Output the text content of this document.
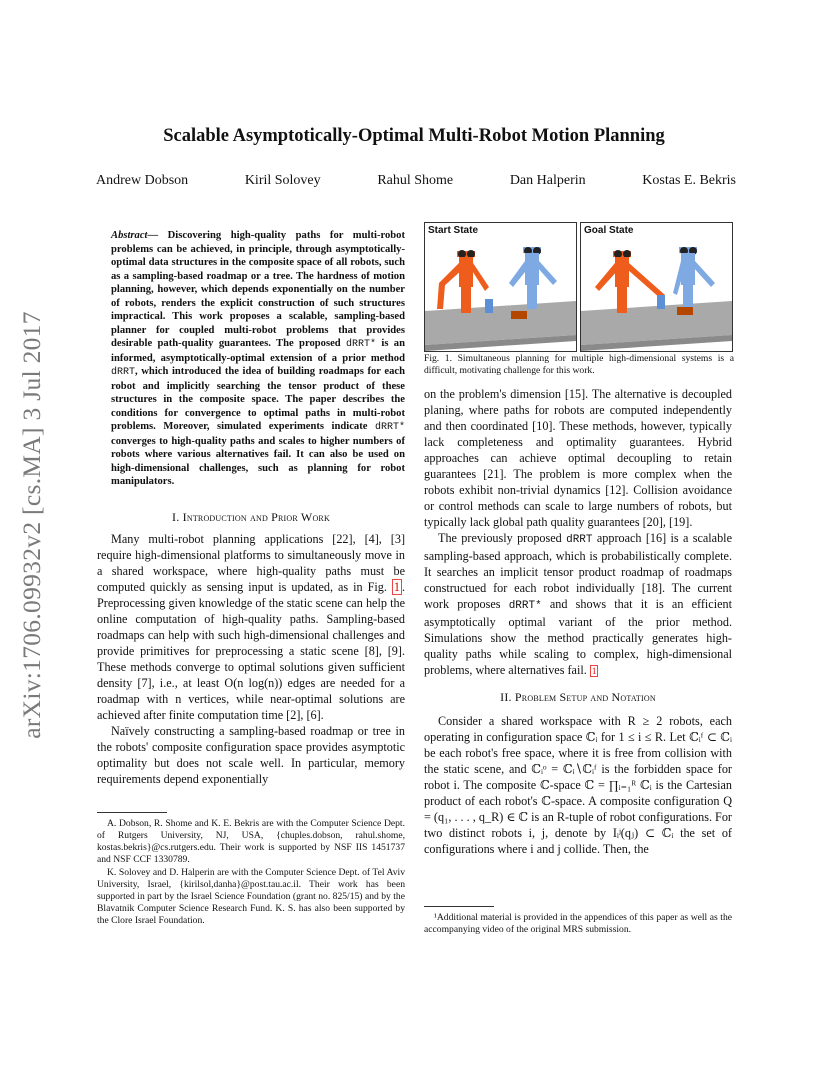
arXiv:1706.09932v2 [cs.MA] 3 Jul 2017
Scalable Asymptotically-Optimal Multi-Robot Motion Planning
Andrew Dobson	Kiril Solovey	Rahul Shome	Dan Halperin	Kostas E. Bekris
Abstract— Discovering high-quality paths for multi-robot problems can be achieved, in principle, through asymptotically-optimal data structures in the composite space of all robots, such as a sampling-based roadmap or a tree. The hardness of motion planning, however, which depends exponentially on the number of robots, renders the explicit construction of such structures impractical. This work proposes a scalable, sampling-based planner for coupled multi-robot problems that provides desirable path-quality guarantees. The proposed dRRT* is an informed, asymptotically-optimal extension of a prior method dRRT, which introduced the idea of building roadmaps for each robot and implicitly searching the tensor product of these structures in the composite space. The paper describes the conditions for convergence to optimal paths in multi-robot problems. Moreover, simulated experiments indicate dRRT* converges to high-quality paths and scales to higher numbers of robots where various alternatives fail. It can also be used on high-dimensional challenges, such as planning for robot manipulators.

I. Introduction and Prior Work

Many multi-robot planning applications [22], [4], [3] require high-dimensional platforms to simultaneously move in a shared workspace, where high-quality paths must be computed quickly as sensing input is updated, as in Fig. 1 . Preprocessing given knowledge of the static scene can help the online computation of high-quality paths. Sampling-based roadmaps can help with such high-dimensional challenges and provide primitives for preprocessing a static scene [8], [9]. These methods converge to optimal solutions given sufficient density [7], i.e., at least O(n log(n)) edges are needed for a roadmap with n vertices, while near-optimal solutions are achieved after finite computation time [2], [6].

Naïvely constructing a sampling-based roadmap or tree in the robots' composite configuration space provides asymptotic optimality but does not scale well. In particular, memory requirements depend exponentially

A. Dobson, R. Shome and K. E. Bekris are with the Computer Science Dept. of Rutgers University, NJ, USA, {chuples.dobson, rahul.shome, kostas.bekris}@cs.rutgers.edu. Their work is supported by NSF IIS 1451737 and NSF CCF 1330789.

K. Solovey and D. Halperin are with the Computer Science Dept. of Tel Aviv University, Israel, {kirilsol,danha}@post.tau.ac.il. Their work has been supported in part by the Israel Science Foundation (grant no. 825/15) and by the Blavatnik Computer Science Research Fund. K. S. has also been supported by the Clore Israel Foundation.

Start State	Goal State
Fig. 1. Simultaneous planning for multiple high-dimensional systems is a difficult, motivating challenge for this work.

on the problem's dimension [15]. The alternative is decoupled planing, where paths for robots are computed independently and then coordinated [10]. These methods, however, typically lack completeness and optimality guarantees. Hybrid approaches can achieve optimal decoupling to retain guarantees [21]. The problem is more complex when the robots exhibit non-trivial dynamics [12]. Collision avoidance or control methods can scale to large numbers of robots, but typically lack global path quality guarantees [20], [19].

The previously proposed dRRT approach [16] is a scalable sampling-based approach, which is probabilistically complete. It searches an implicit tensor product roadmap of roadmaps constructued for each robot individually [18]. The current work proposes dRRT* and shows that it is an efficient asymptotically optimal variant of the prior method. Simulations show the method practically generates high-quality paths while scaling to complex, high-dimensional problems, where alternatives fail. 1

II. Problem Setup and Notation

Consider a shared workspace with R ≥ 2 robots, each operating in configuration space ℂᵢ for 1 ≤ i ≤ R. Let ℂᵢᶠ ⊂ ℂᵢ be each robot's free space, where it is free from collision with the static scene, and ℂᵢᵒ = ℂᵢ∖ℂᵢᶠ is the forbidden space for robot i. The composite ℂ-space ℂ = ∏ᵢ₌₁ᴿ ℂᵢ is the Cartesian product of each robot's ℂ-space. A composite configuration Q = (q₁, . . . , q_R) ∈ ℂ is an R-tuple of robot configurations. For two distinct robots i, j, denote by Iᵢʲ(qⱼ) ⊂ ℂᵢ the set of configurations where i and j collide. Then, the

¹Additional material is provided in the appendices of this paper as well as the accompanying video of the original MRS submission.
